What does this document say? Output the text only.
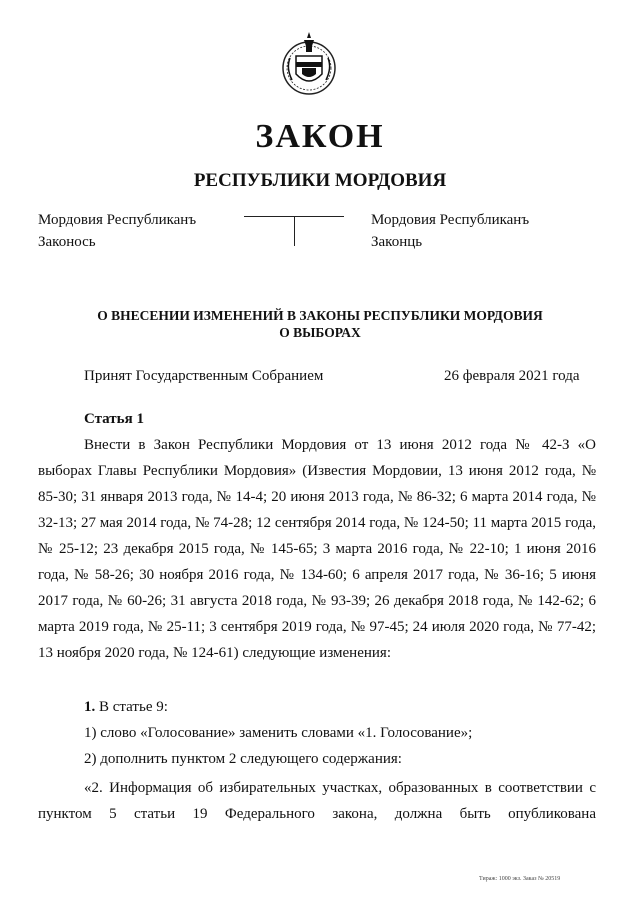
ЗАКОН
РЕСПУБЛИКИ МОРДОВИЯ
Мордовия Республиканъ
Законось
Мордовия Республиканъ
Законць
О ВНЕСЕНИИ ИЗМЕНЕНИЙ В ЗАКОНЫ РЕСПУБЛИКИ МОРДОВИЯ
О ВЫБОРАХ
Принят Государственным Собранием	26 февраля 2021 года
Статья 1
Внести в Закон Республики Мордовия от 13 июня 2012 года № 42-З «О выборах Главы Республики Мордовия» (Известия Мордовии, 13 июня 2012 года, № 85-30; 31 января 2013 года, № 14-4; 20 июня 2013 года, № 86-32; 6 марта 2014 года, № 32-13; 27 мая 2014 года, № 74-28; 12 сентября 2014 года, № 124-50; 11 марта 2015 года, № 25-12; 23 декабря 2015 года, № 145-65; 3 марта 2016 года, № 22-10; 1 июня 2016 года, № 58-26; 30 ноября 2016 года, № 134-60; 6 апреля 2017 года, № 36-16; 5 июня 2017 года, № 60-26; 31 августа 2018 года, № 93-39; 26 декабря 2018 года, № 142-62; 6 марта 2019 года, № 25-11; 3 сентября 2019 года, № 97-45; 24 июля 2020 года, № 77-42; 13 ноября 2020 года, № 124-61) следующие изменения:
1. В статье 9:
1) слово «Голосование» заменить словами «1. Голосование»;
2) дополнить пунктом 2 следующего содержания:
«2. Информация об избирательных участках, образованных в соответствии с пунктом 5 статьи 19 Федерального закона, должна быть опубликована
Тираж: 1000 экз. Заказ № 20519
